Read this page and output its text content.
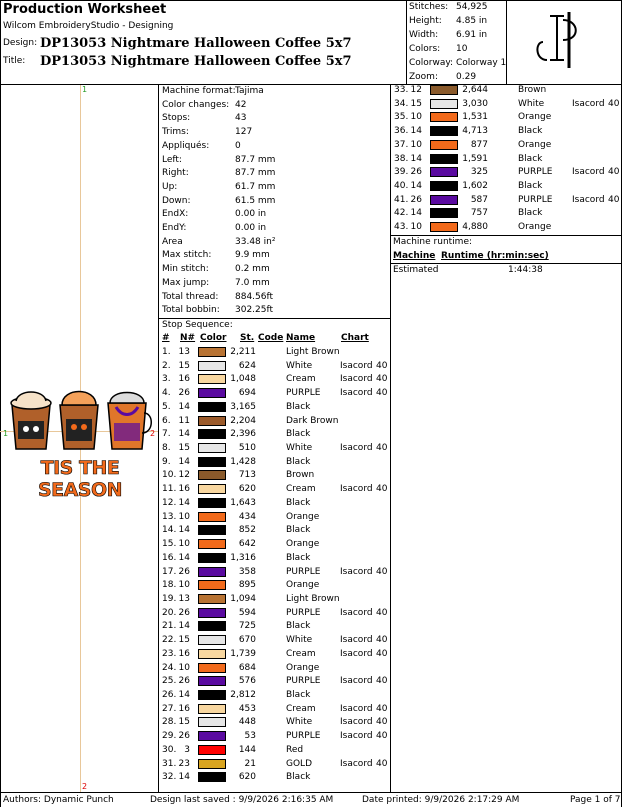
Production Worksheet
Wilcom EmbroideryStudio - Designing
Design: DP13053 Nightmare Halloween Coffee 5x7
Title: DP13053 Nightmare Halloween Coffee 5x7
Stitches: 54,925
Height: 4.85 in
Width: 6.91 in
Colors: 10
Colorway: Colorway 1
Zoom: 0.29
1
1	2
2
TIS THE SEASON
Machine format: Tajima
Color changes: 42
Stops:	43
Trims:	127
Appliqués:	0
Left:	87.7 mm
Right:	87.7 mm
Up:	61.7 mm
Down:	61.5 mm
EndX:	0.00 in
EndY:	0.00 in
Area	33.48 in²
Max stitch:	9.9 mm
Min stitch:	0.2 mm
Max jump:	7.0 mm
Total thread: 884.56ft
Total bobbin: 302.25ft
Stop Sequence:
# N# Color St. Code Name	Chart
1. 13	2,211	Light Brown
2. 15	624	White	Isacord 40
3. 16	1,048	Cream	Isacord 40
4. 26	694	PURPLE Isacord 40
5. 14	3,165	Black
6. 11	2,204	Dark Brown
7. 14	2,396	Black
8. 15	510	White	Isacord 40
9. 14	1,428	Black
10. 12	713	Brown
11. 16	620	Cream	Isacord 40
12. 14	1,643	Black
13. 10	434	Orange
14. 14	852	Black
15. 10	642	Orange
16. 14	1,316	Black
17. 26	358	PURPLE Isacord 40
18. 10	895	Orange
19. 13	1,094	Light Brown
20. 26	594	PURPLE Isacord 40
21. 14	725	Black
22. 15	670	White	Isacord 40
23. 16	1,739	Cream	Isacord 40
24. 10	684	Orange
25. 26	576	PURPLE Isacord 40
26. 14	2,812	Black
27. 16	453	Cream	Isacord 40
28. 15	448	White	Isacord 40
29. 26	53	PURPLE Isacord 40
30. 3	144	Red
31. 23	21	GOLD	Isacord 40
32. 14	620	Black
33. 12	2,644	Brown
34. 15	3,030	White	Isacord 40
35. 10	1,531	Orange
36. 14	4,713	Black
37. 10	877	Orange
38. 14	1,591	Black
39. 26	325	PURPLE Isacord 40
40. 14	1,602	Black
41. 26	587	PURPLE Isacord 40
42. 14	757	Black
43. 10	4,880	Orange
Machine runtime:
Machine Runtime (hr:min:sec)
Estimated	1:44:38
Authors: Dynamic Punch	Design last saved : 9/9/2026 2:16:35 AM	Date printed: 9/9/2026 2:17:29 AM	Page 1 of 7
